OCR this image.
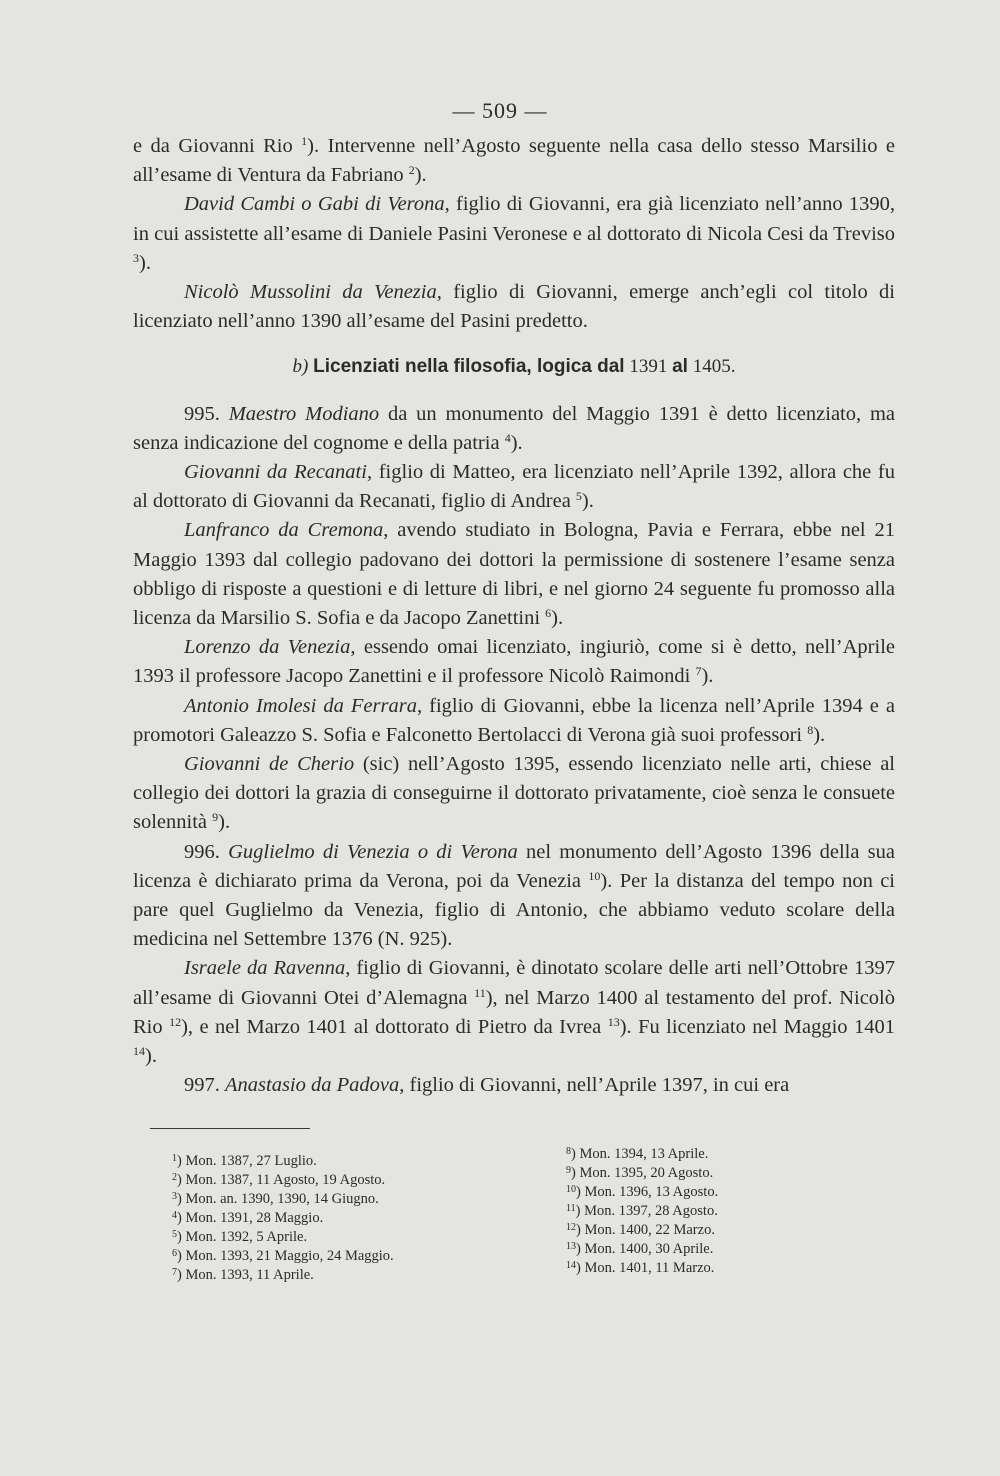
— 509 —

e da Giovanni Rio $^1$). Intervenne nell’Agosto seguente nella casa dello stesso Marsilio e all’esame di Ventura da Fabriano $^2$).

David Cambi o Gabi di Verona, figlio di Giovanni, era già licenziato nell’anno 1390, in cui assistette all’esame di Daniele Pasini Veronese e al dottorato di Nicola Cesi da Treviso $^3$).

Nicolò Mussolini da Venezia, figlio di Giovanni, emerge anch’egli col titolo di licenziato nell’anno 1390 all’esame del Pasini predetto.

b) Licenziati nella filosofia, logica dal 1391 al 1405.

995. Maestro Modiano da un monumento del Maggio 1391 è detto licenziato, ma senza indicazione del cognome e della patria $^4$).

Giovanni da Recanati, figlio di Matteo, era licenziato nell’Aprile 1392, allora che fu al dottorato di Giovanni da Recanati, figlio di Andrea $^5$).

Lanfranco da Cremona, avendo studiato in Bologna, Pavia e Ferrara, ebbe nel 21 Maggio 1393 dal collegio padovano dei dottori la permissione di sostenere l’esame senza obbligo di risposte a questioni e di letture di libri, e nel giorno 24 seguente fu promosso alla licenza da Marsilio S. Sofia e da Jacopo Zanettini $^6$).

Lorenzo da Venezia, essendo omai licenziato, ingiuriò, come si è detto, nell’Aprile 1393 il professore Jacopo Zanettini e il professore Nicolò Raimondi $^7$).

Antonio Imolesi da Ferrara, figlio di Giovanni, ebbe la licenza nell’Aprile 1394 e a promotori Galeazzo S. Sofia e Falconetto Bertolacci di Verona già suoi professori $^8$).

Giovanni de Cherio (sic) nell’Agosto 1395, essendo licenziato nelle arti, chiese al collegio dei dottori la grazia di conseguirne il dottorato privatamente, cioè senza le consuete solennità $^9$).

996. Guglielmo di Venezia o di Verona nel monumento dell’Agosto 1396 della sua licenza è dichiarato prima da Verona, poi da Venezia $^{10}$). Per la distanza del tempo non ci pare quel Guglielmo da Venezia, figlio di Antonio, che abbiamo veduto scolare della medicina nel Settembre 1376 (N. 925).

Israele da Ravenna, figlio di Giovanni, è dinotato scolare delle arti nell’Ottobre 1397 all’esame di Giovanni Otei d’Alemagna $^{11}$), nel Marzo 1400 al testamento del prof. Nicolò Rio $^{12}$), e nel Marzo 1401 al dottorato di Pietro da Ivrea $^{13}$). Fu licenziato nel Maggio 1401 $^{14}$).

997. Anastasio da Padova, figlio di Giovanni, nell’Aprile 1397, in cui era

$^1$) Mon. 1387, 27 Luglio.
$^2$) Mon. 1387, 11 Agosto, 19 Agosto.
$^3$) Mon. an. 1390, 1390, 14 Giugno.
$^4$) Mon. 1391, 28 Maggio.
$^5$) Mon. 1392, 5 Aprile.
$^6$) Mon. 1393, 21 Maggio, 24 Maggio.
$^7$) Mon. 1393, 11 Aprile.
$^8$) Mon. 1394, 13 Aprile.
$^9$) Mon. 1395, 20 Agosto.
$^{10}$) Mon. 1396, 13 Agosto.
$^{11}$) Mon. 1397, 28 Agosto.
$^{12}$) Mon. 1400, 22 Marzo.
$^{13}$) Mon. 1400, 30 Aprile.
$^{14}$) Mon. 1401, 11 Marzo.
